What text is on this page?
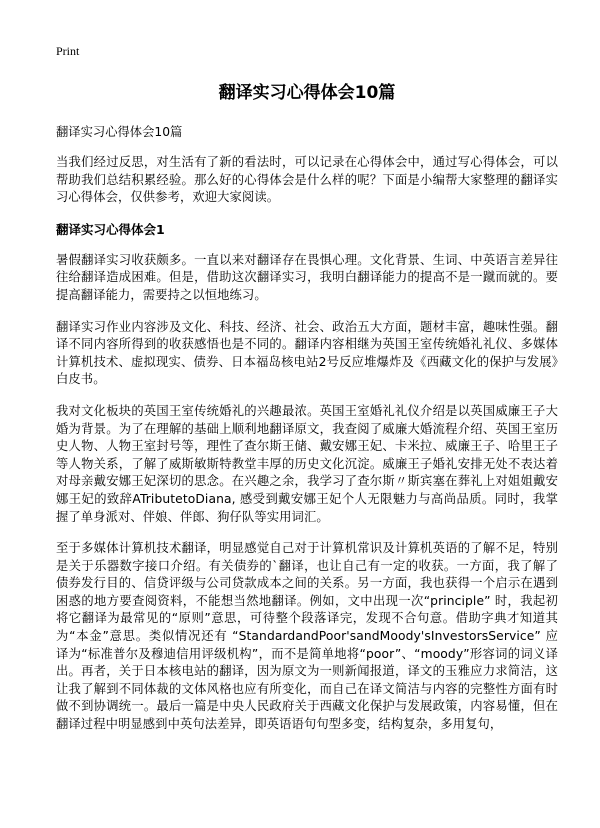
Print
翻译实习心得体会10篇
翻译实习心得体会10篇

当我们经过反思，对生活有了新的看法时，可以记录在心得体会中，通过写心得体会，可以帮助我们总结积累经验。那么好的心得体会是什么样的呢？下面是小编帮大家整理的翻译实习心得体会，仅供参考，欢迎大家阅读。

翻译实习心得体会1

暑假翻译实习收获颇多。一直以来对翻译存在畏惧心理。文化背景、生词、中英语言差异往往给翻译造成困难。但是，借助这次翻译实习，我明白翻译能力的提高不是一蹴而就的。要提高翻译能力，需要持之以恒地练习。

翻译实习作业内容涉及文化、科技、经济、社会、政治五大方面，题材丰富，趣味性强。翻译不同内容所得到的收获感悟也是不同的。翻译内容相继为英国王室传统婚礼礼仪、多媒体计算机技术、虚拟现实、债券、日本福岛核电站2号反应堆爆炸及《西藏文化的保护与发展》白皮书。

我对文化板块的英国王室传统婚礼的兴趣最浓。英国王室婚礼礼仪介绍是以英国威廉王子大婚为背景。为了在理解的基础上顺利地翻译原文，我查阅了威廉大婚流程介绍、英国王室历史人物、人物王室封号等，理性了查尔斯王储、戴安娜王妃、卡米拉、威廉王子、哈里王子等人物关系，了解了威斯敏斯特教堂丰厚的历史文化沉淀。威廉王子婚礼安排无处不表达着对母亲戴安娜王妃深切的思念。在兴趣之余，我学习了查尔斯〃斯宾塞在葬礼上对姐姐戴安娜王妃的致辞ATributetoDiana, 感受到戴安娜王妃个人无限魅力与高尚品质。同时，我掌握了单身派对、伴娘、伴郎、狗仔队等实用词汇。

至于多媒体计算机技术翻译，明显感觉自己对于计算机常识及计算机英语的了解不足，特别是关于乐器数字接口介绍。有关债券的`翻译，也让自己有一定的收获。一方面，我了解了债券发行目的、信贷评级与公司贷款成本之间的关系。另一方面，我也获得一个启示在遇到困惑的地方要查阅资料，不能想当然地翻译。例如，文中出现一次“principle” 时，我起初将它翻译为最常见的“原则”意思，可待整个段落译完，发现不合句意。借助字典才知道其为“本金”意思。类似情况还有 “StandardandPoor'sandMoody'sInvestorsService” 应译为“标准普尔及穆迪信用评级机构”，而不是简单地将“poor”、“moody”形容词的词义译出。再者，关于日本核电站的翻译，因为原文为一则新闻报道，译文的玉雅应力求简洁，这让我了解到不同体裁的文体风格也应有所变化，而自己在译文简洁与内容的完整性方面有时做不到协调统一。最后一篇是中央人民政府关于西藏文化保护与发展政策，内容易懂，但在翻译过程中明显感到中英句法差异，即英语语句句型多变，结构复杂，多用复句，
